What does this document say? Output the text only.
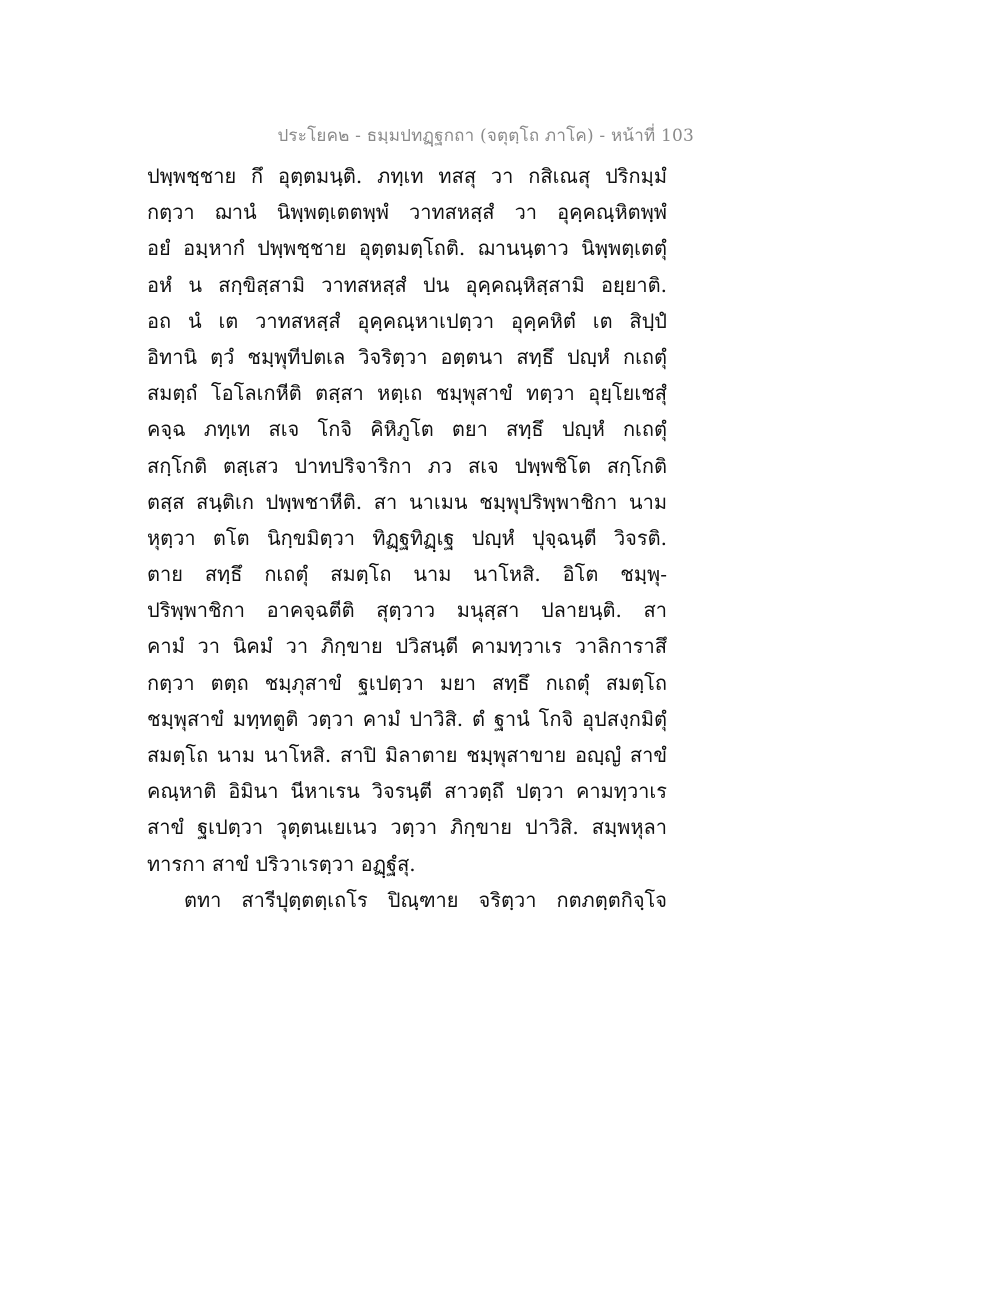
ประโยค๒ - ธมฺมปทฏฺฐกถา (จตุตฺโถ ภาโค) - หน้าที่ 103
ปพฺพชฺชาย กึ อุตฺตมนฺติ. ภทฺเท ทสสุ วา กสิเณสุ ปริกมฺมํ
กตฺวา ฌานํ นิพฺพตฺเตตพฺพํ วาทสหสฺสํ วา อุคฺคณฺหิตพฺพํ
อยํ อมฺหากํ ปพฺพชฺชาย อุตฺตมตฺโถติ. ฌานนฺตาว นิพฺพตฺเตตุํ
อหํ น สกฺขิสฺสามิ วาทสหสฺสํ ปน อุคฺคณฺหิสฺสามิ อยฺยาติ.
อถ นํ เต วาทสหสฺสํ อุคฺคณฺหาเปตฺวา อุคฺคหิตํ เต สิปฺปํ
อิทานิ ตฺวํ ชมฺพุทีปตเล วิจริตฺวา อตฺตนา สทฺธึ ปญฺหํ กเถตุํ
สมตฺถํ โอโลเกหีติ ตสฺสา หตฺเถ ชมฺพุสาขํ ทตฺวา อุยฺโยเชสุํ
คจฺฉ ภทฺเท สเจ โกจิ คิหิภูโต ตยา สทฺธึ ปญฺหํ กเถตุํ
สกฺโกติ ตสฺเสว ปาทปริจาริกา ภว สเจ ปพฺพชิโต สกฺโกติ
ตสฺส สนฺติเก ปพฺพชาหีติ. สา นาเมน ชมฺพุปริพฺพาชิกา นาม
หุตฺวา ตโต นิกฺขมิตฺวา ทิฏฺฐทิฏฺเฐ ปญฺหํ ปุจฺฉนฺตี วิจรติ.
ตาย สทฺธึ กเถตุํ สมตฺโถ นาม นาโหสิ. อิโต ชมฺพุ-
ปริพฺพาชิกา อาคจฺฉตีติ สุตฺวาว มนุสฺสา ปลายนฺติ. สา
คามํ วา นิคมํ วา ภิกฺขาย ปวิสนฺตี คามทฺวาเร วาลิการาสึ
กตฺวา ตตฺถ ชมฺภุสาขํ ฐเปตฺวา มยา สทฺธึ กเถตุํ สมตฺโถ
ชมฺพุสาขํ มทฺทตูติ วตฺวา คามํ ปาวิสิ. ตํ ฐานํ โกจิ อุปสงฺกมิตุํ
สมตฺโถ นาม นาโหสิ. สาปิ มิลาตาย ชมฺพุสาขาย อญฺญํ สาขํ
คณฺหาติ อิมินา นีหาเรน วิจรนฺตี สาวตฺถึ ปตฺวา คามทฺวาเร
สาขํ ฐเปตฺวา วุตฺตนเยเนว วตฺวา ภิกฺขาย ปาวิสิ. สมฺพหุลา
ทารกา สาขํ ปริวาเรตฺวา อฏฺฐํสุ.
ตทา สารีปุตฺตตฺเถโร ปิณฺฑาย จริตฺวา กตภตฺตกิจฺโจ
